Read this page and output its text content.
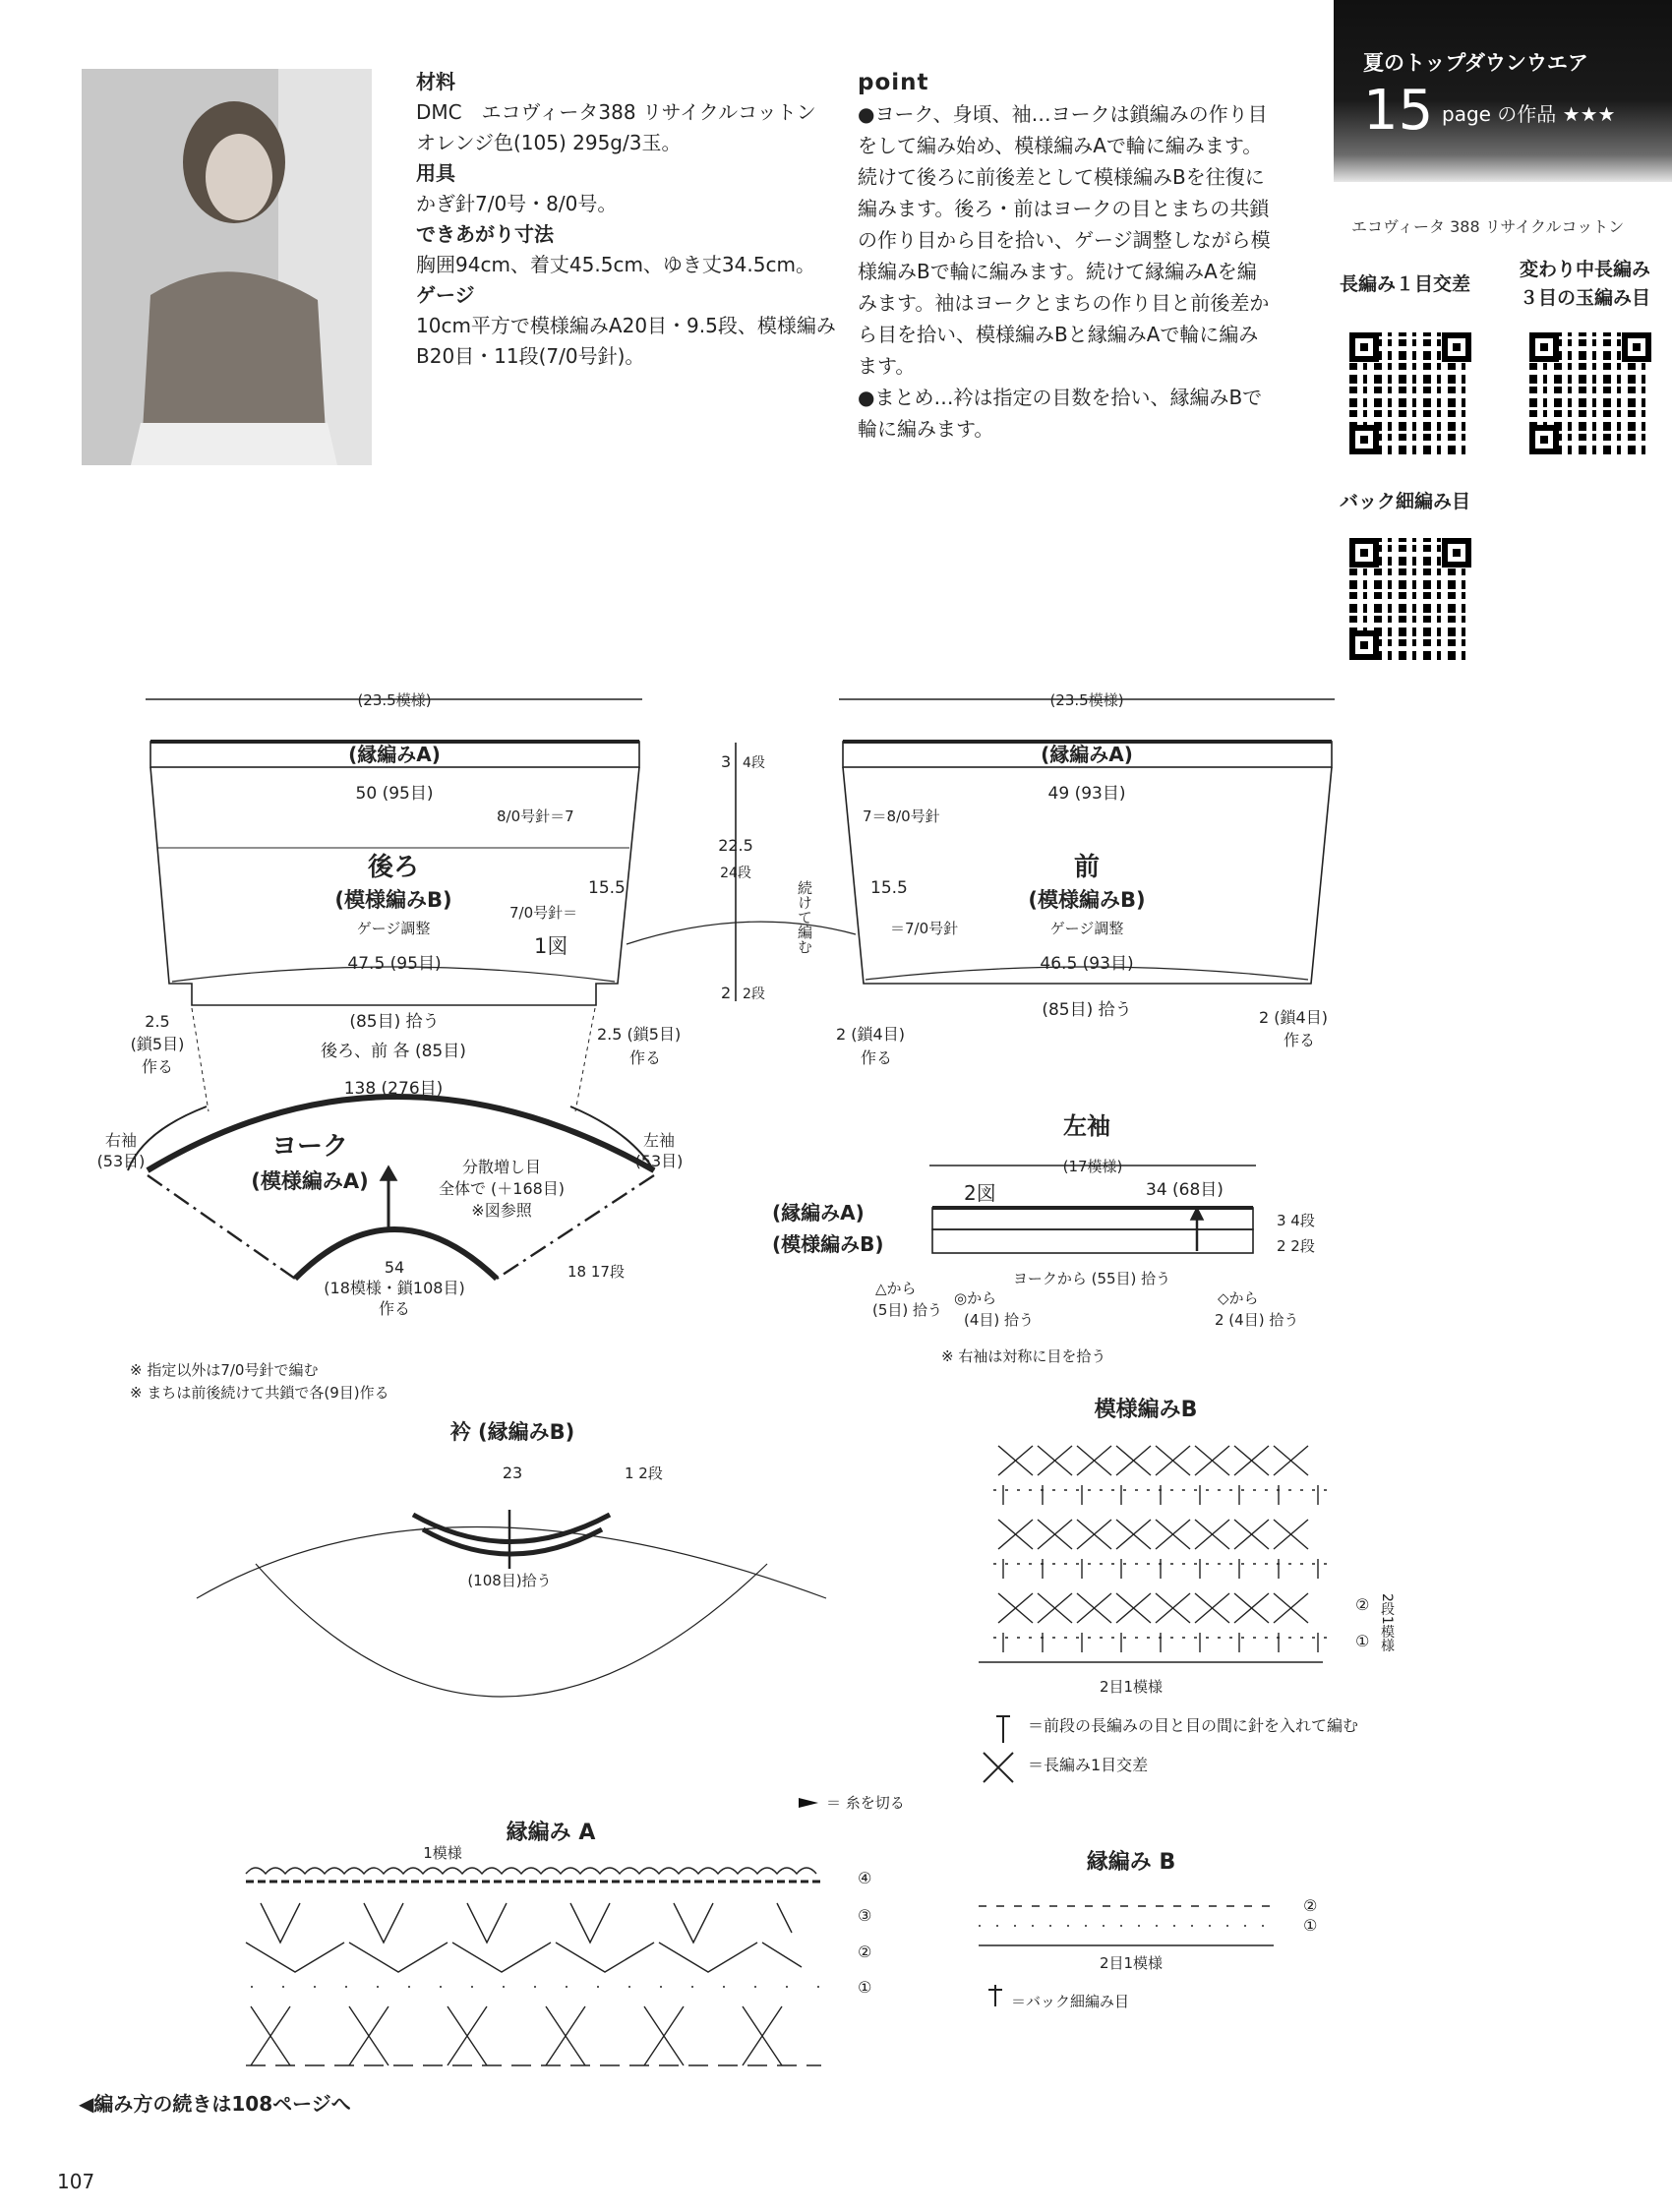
材料
DMC　エコヴィータ388 リサイクルコットン　オレンジ色(105) 295g/3玉。
用具
かぎ針7/0号・8/0号。
できあがり寸法
胸囲94cm、着丈45.5cm、ゆき丈34.5cm。
ゲージ
10cm平方で模様編みA20目・9.5段、模様編みB20目・11段(7/0号針)。
point
●ヨーク、身頃、袖…ヨークは鎖編みの作り目をして編み始め、模様編みAで輪に編みます。続けて後ろに前後差として模様編みBを往復に編みます。後ろ・前はヨークの目とまちの共鎖の作り目から目を拾い、ゲージ調整しながら模様編みBで輪に編みます。続けて縁編みAを編みます。袖はヨークとまちの作り目と前後差から目を拾い、模様編みBと縁編みAで輪に編みます。
●まとめ…衿は指定の目数を拾い、縁編みBで輪に編みます。
夏のトップダウンウエア
15 page の作品 ★★★
エコヴィータ 388 リサイクルコットン
長編み１目交差
変わり中長編み
３目の玉編み目
バック細編み目
(23.5模様)
(縁編みA)
50 (95目)
8/0号針＝7
15.5
後ろ
(模様編みB)
ゲージ調整
7/0号針＝
1図
47.5 (95目)
(85目) 拾う
2.5
(鎖5目)
作る
2.5 (鎖5目)
作る
3 4段
22.5
24段
2 2段
続けて編む
(23.5模様)
(縁編みA)
49 (93目)
7＝8/0号針
15.5
前
(模様編みB)
ゲージ調整
＝7/0号針
46.5 (93目)
(85目) 拾う
2 (鎖4目)
作る
2 (鎖4目)
作る
後ろ、前 各 (85目)
138 (276目)
右袖
(53目)
左袖
(53目)
ヨーク
(模様編みA)
分散増し目
全体で (＋168目)
※図参照
54
(18模様・鎖108目)
作る
18 17段
※ 指定以外は7/0号針で編む
※ まちは前後続けて共鎖で各(9目)作る
左袖
(17模様)
2図	34 (68目)
(縁編みA)
(模様編みB)
3 4段
2 2段
ヨークから (55目) 拾う
△から
(5目) 拾う
◎から
(4目) 拾う
◇から
2 (4目) 拾う
※ 右袖は対称に目を拾う
衿 (縁編みB)
23	1 2段
(108目)拾う
模様編みB
2目1模様
②
① 2段1模様
＝前段の長編みの目と目の間に針を入れて編む
＝長編み1目交差
＝ 糸を切る
縁編み A
1模様
④
③
②
①
縁編み B
2目1模様
②
①
＝バック細編み目
◀編み方の続きは108ページへ
107
